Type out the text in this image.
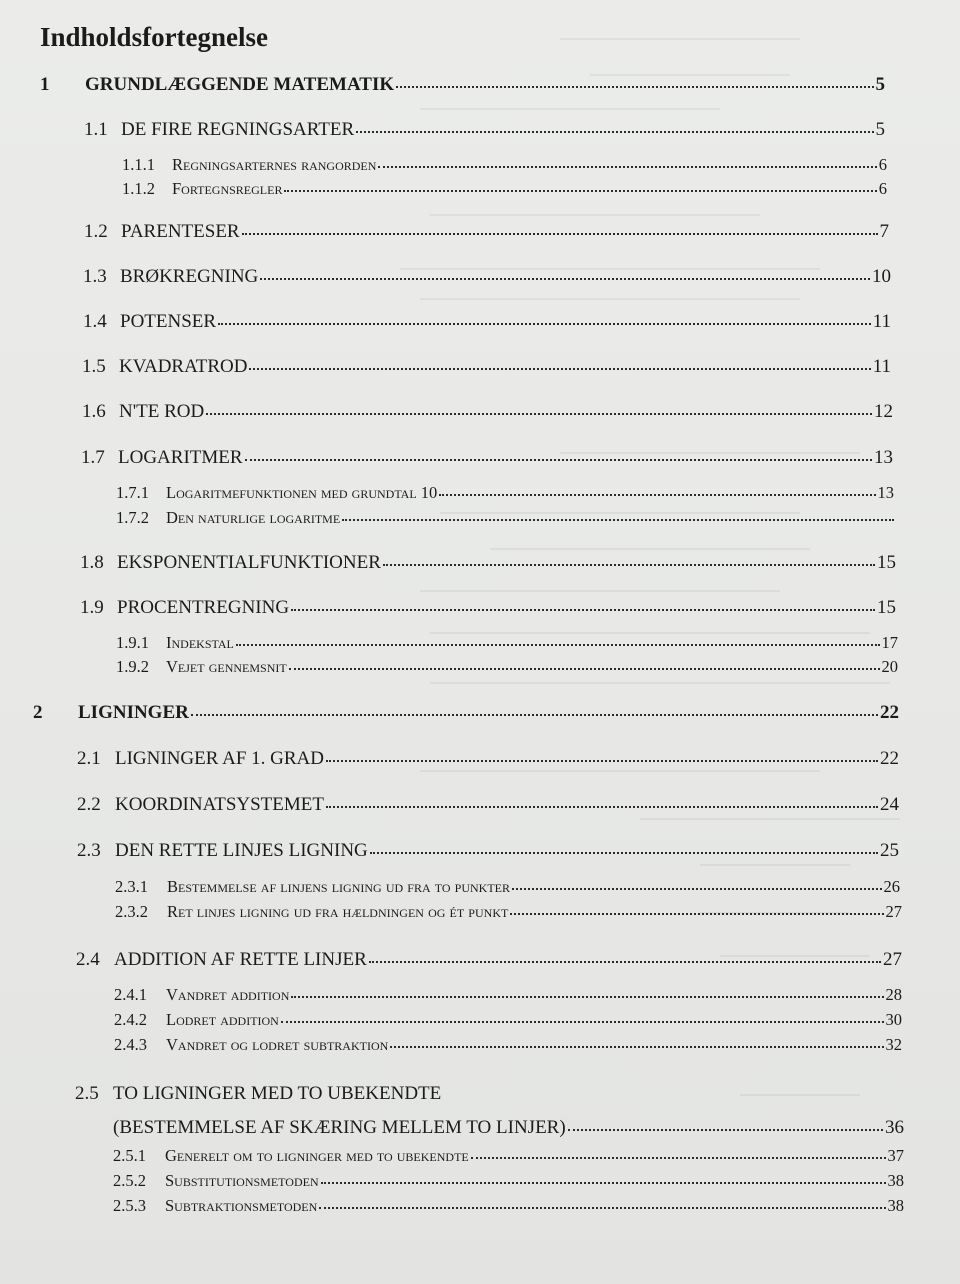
Indholdsfortegnelse
1	GRUNDLÆGGENDE MATEMATIK	5
1.1 DE FIRE REGNINGSARTER	5
1.1.1	Regningsarternes rangorden	6
1.1.2	Fortegnsregler	6
1.2 PARENTESER	7
1.3 BRØKREGNING	10
1.4 POTENSER	11
1.5 KVADRATROD	11
1.6 N'TE ROD	12
1.7 LOGARITMER	13
1.7.1	Logaritmefunktionen med grundtal 10	13
1.7.2	Den naturlige logaritme
1.8 EKSPONENTIALFUNKTIONER	15
1.9 PROCENTREGNING	15
1.9.1	Indekstal	17
1.9.2	Vejet gennemsnit	20
2	LIGNINGER	22
2.1 LIGNINGER AF 1. GRAD	22
2.2 KOORDINATSYSTEMET	24
2.3 DEN RETTE LINJES LIGNING	25
2.3.1	Bestemmelse af linjens ligning ud fra to punkter	26
2.3.2	Ret linjes ligning ud fra hældningen og ét punkt	27
2.4 ADDITION AF RETTE LINJER	27
2.4.1	Vandret addition	28
2.4.2	Lodret addition	30
2.4.3	Vandret og lodret subtraktion	32
2.5 TO LIGNINGER MED TO UBEKENDTE
(BESTEMMELSE AF SKÆRING MELLEM TO LINJER)	36
2.5.1	Generelt om to ligninger med to ubekendte	37
2.5.2	Substitutionsmetoden	38
2.5.3	Subtraktionsmetoden	38
